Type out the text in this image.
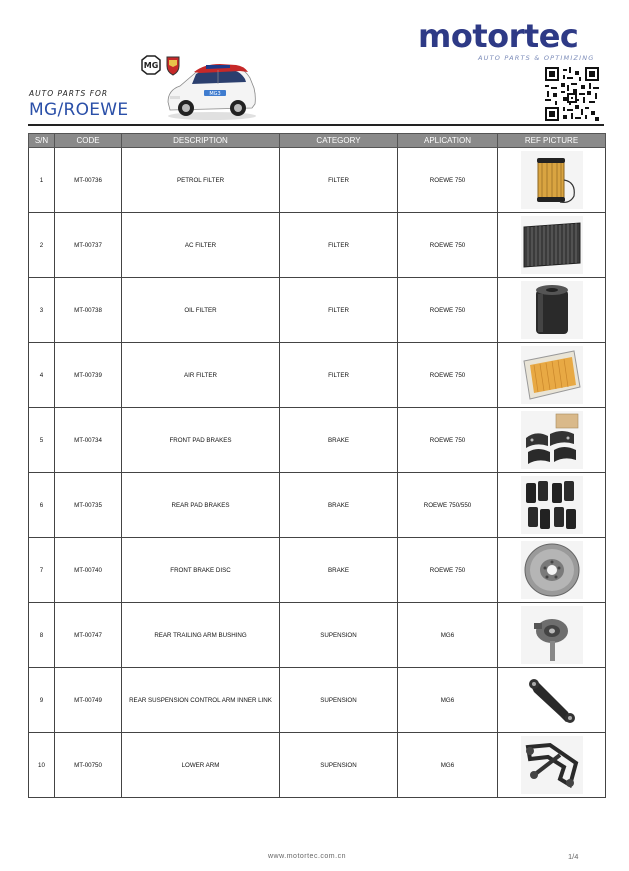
motortec
AUTO PARTS & OPTIMIZING
MG
MG3
AUTO PARTS FOR
MG/ROEWE
S/N	CODE	DESCRIPTION	CATEGORY	APLICATION	REF PICTURE
1	MT-00736	PETROL FILTER	FILTER	ROEWE 750	

2	MT-00737	AC FILTER	FILTER	ROEWE 750	

3	MT-00738	OIL FILTER	FILTER	ROEWE 750	

4	MT-00739	AIR FILTER	FILTER	ROEWE 750	

5	MT-00734	FRONT PAD BRAKES	BRAKE	ROEWE 750	

6	MT-00735	REAR PAD BRAKES	BRAKE	ROEWE 750/550	

7	MT-00740	FRONT BRAKE DISC	BRAKE	ROEWE 750	

8	MT-00747	REAR TRAILING ARM BUSHING	SUPENSION	MG6	

9	MT-00749	REAR SUSPENSION CONTROL ARM INNER LINK	SUPENSION	MG6	

10	MT-00750	LOWER ARM	SUPENSION	MG6	
www.motortec.com.cn	1/4
